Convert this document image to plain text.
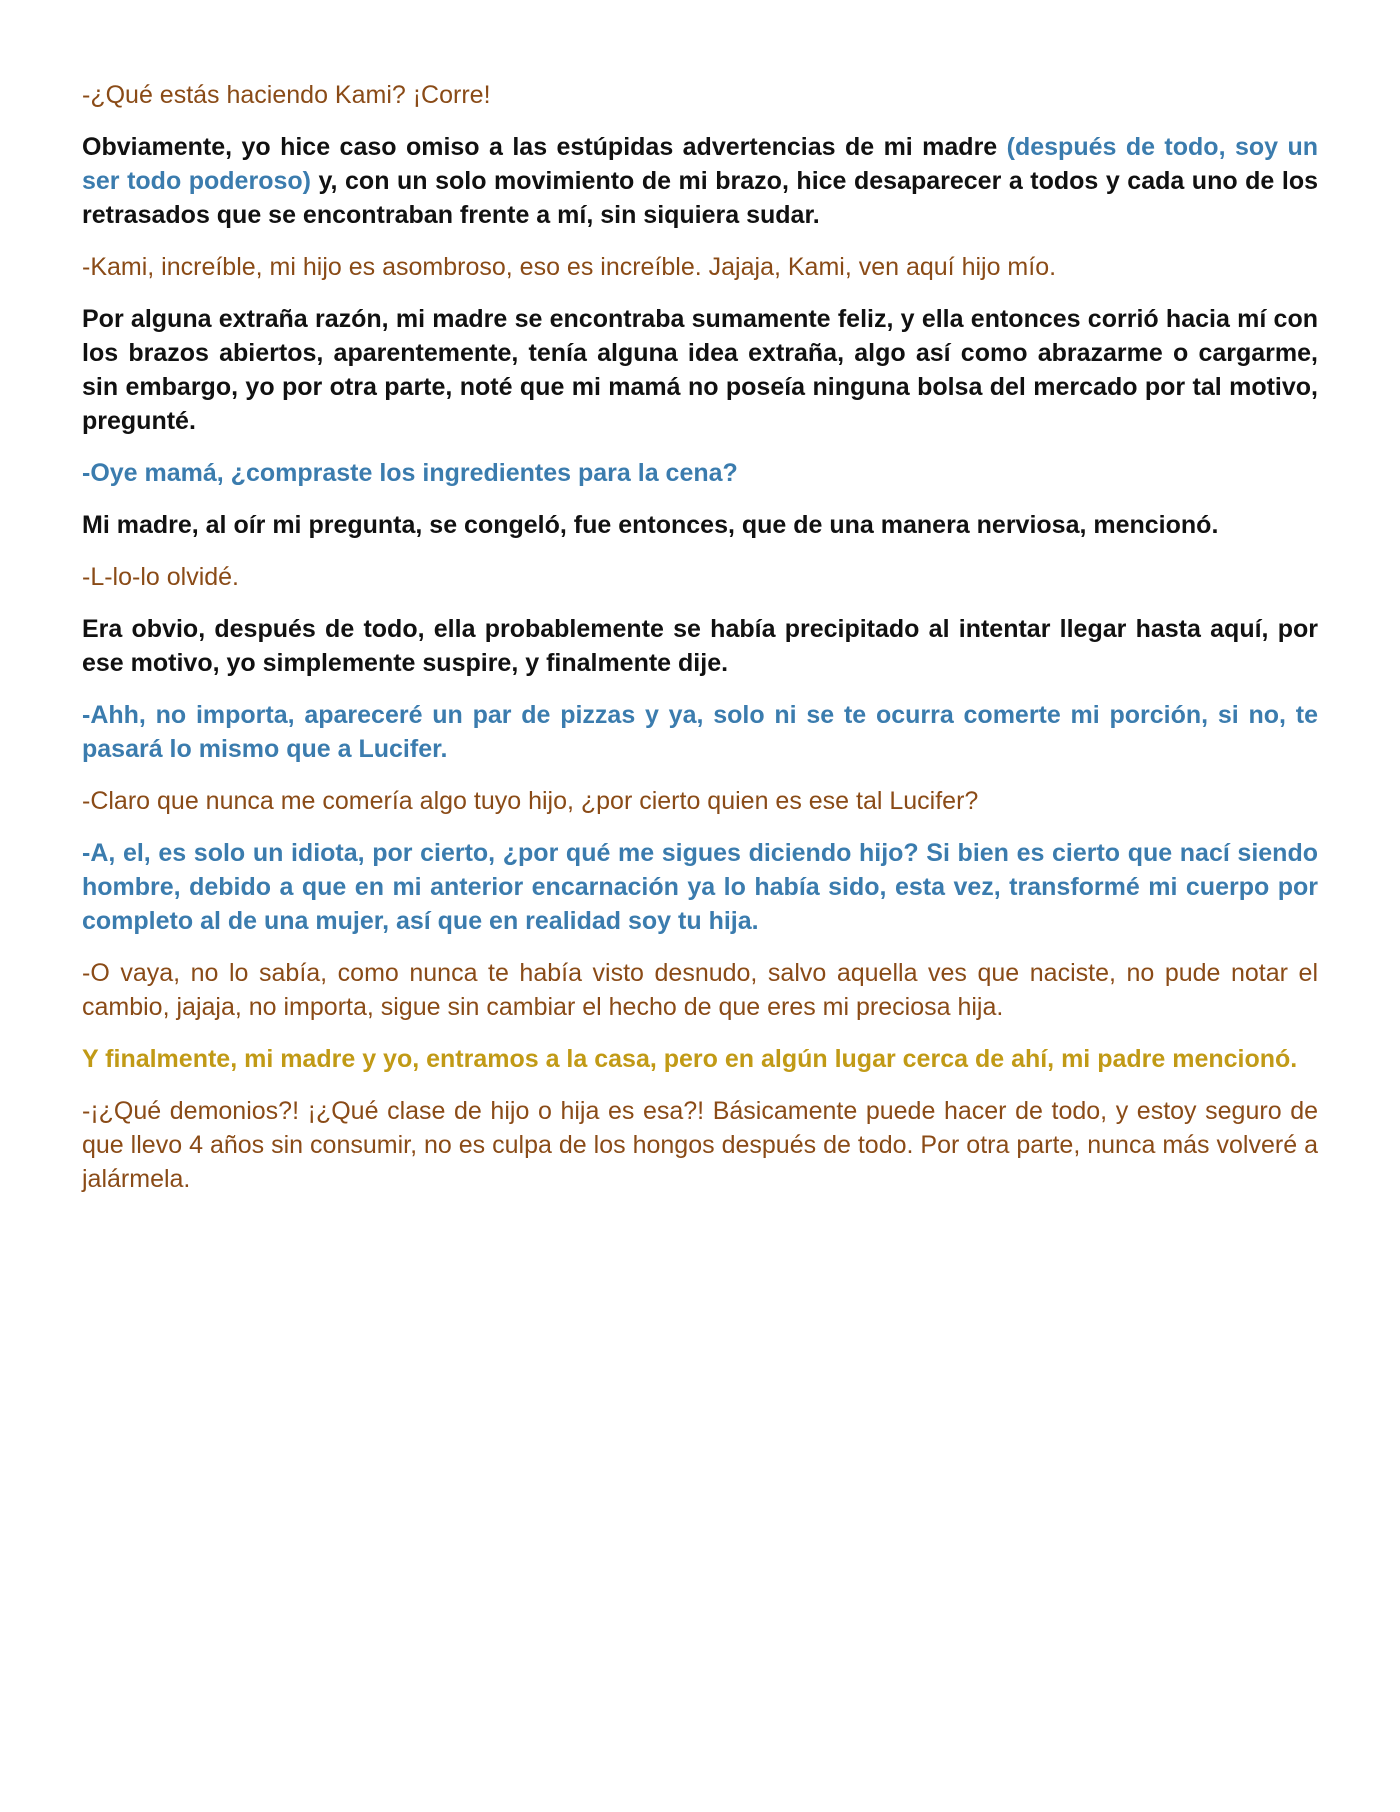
-¿Qué estás haciendo Kami? ¡Corre!

Obviamente, yo hice caso omiso a las estúpidas advertencias de mi madre (después de todo, soy un ser todo poderoso) y, con un solo movimiento de mi brazo, hice desaparecer a todos y cada uno de los retrasados que se encontraban frente a mí, sin siquiera sudar.

-Kami, increíble, mi hijo es asombroso, eso es increíble. Jajaja, Kami, ven aquí hijo mío.

Por alguna extraña razón, mi madre se encontraba sumamente feliz, y ella entonces corrió hacia mí con los brazos abiertos, aparentemente, tenía alguna idea extraña, algo así como abrazarme o cargarme, sin embargo, yo por otra parte, noté que mi mamá no poseía ninguna bolsa del mercado por tal motivo, pregunté.

-Oye mamá, ¿compraste los ingredientes para la cena?

Mi madre, al oír mi pregunta, se congeló, fue entonces, que de una manera nerviosa, mencionó.

-L-lo-lo olvidé.

Era obvio, después de todo, ella probablemente se había precipitado al intentar llegar hasta aquí, por ese motivo, yo simplemente suspire, y finalmente dije.

-Ahh, no importa, apareceré un par de pizzas y ya, solo ni se te ocurra comerte mi porción, si no, te pasará lo mismo que a Lucifer.

-Claro que nunca me comería algo tuyo hijo, ¿por cierto quien es ese tal Lucifer?

-A, el, es solo un idiota, por cierto, ¿por qué me sigues diciendo hijo? Si bien es cierto que nací siendo hombre, debido a que en mi anterior encarnación ya lo había sido, esta vez, transformé mi cuerpo por completo al de una mujer, así que en realidad soy tu hija.

-O vaya, no lo sabía, como nunca te había visto desnudo, salvo aquella ves que naciste, no pude notar el cambio, jajaja, no importa, sigue sin cambiar el hecho de que eres mi preciosa hija.

Y finalmente, mi madre y yo, entramos a la casa, pero en algún lugar cerca de ahí, mi padre mencionó.

-¡¿Qué demonios?! ¡¿Qué clase de hijo o hija es esa?! Básicamente puede hacer de todo, y estoy seguro de que llevo 4 años sin consumir, no es culpa de los hongos después de todo. Por otra parte, nunca más volveré a jalármela.
